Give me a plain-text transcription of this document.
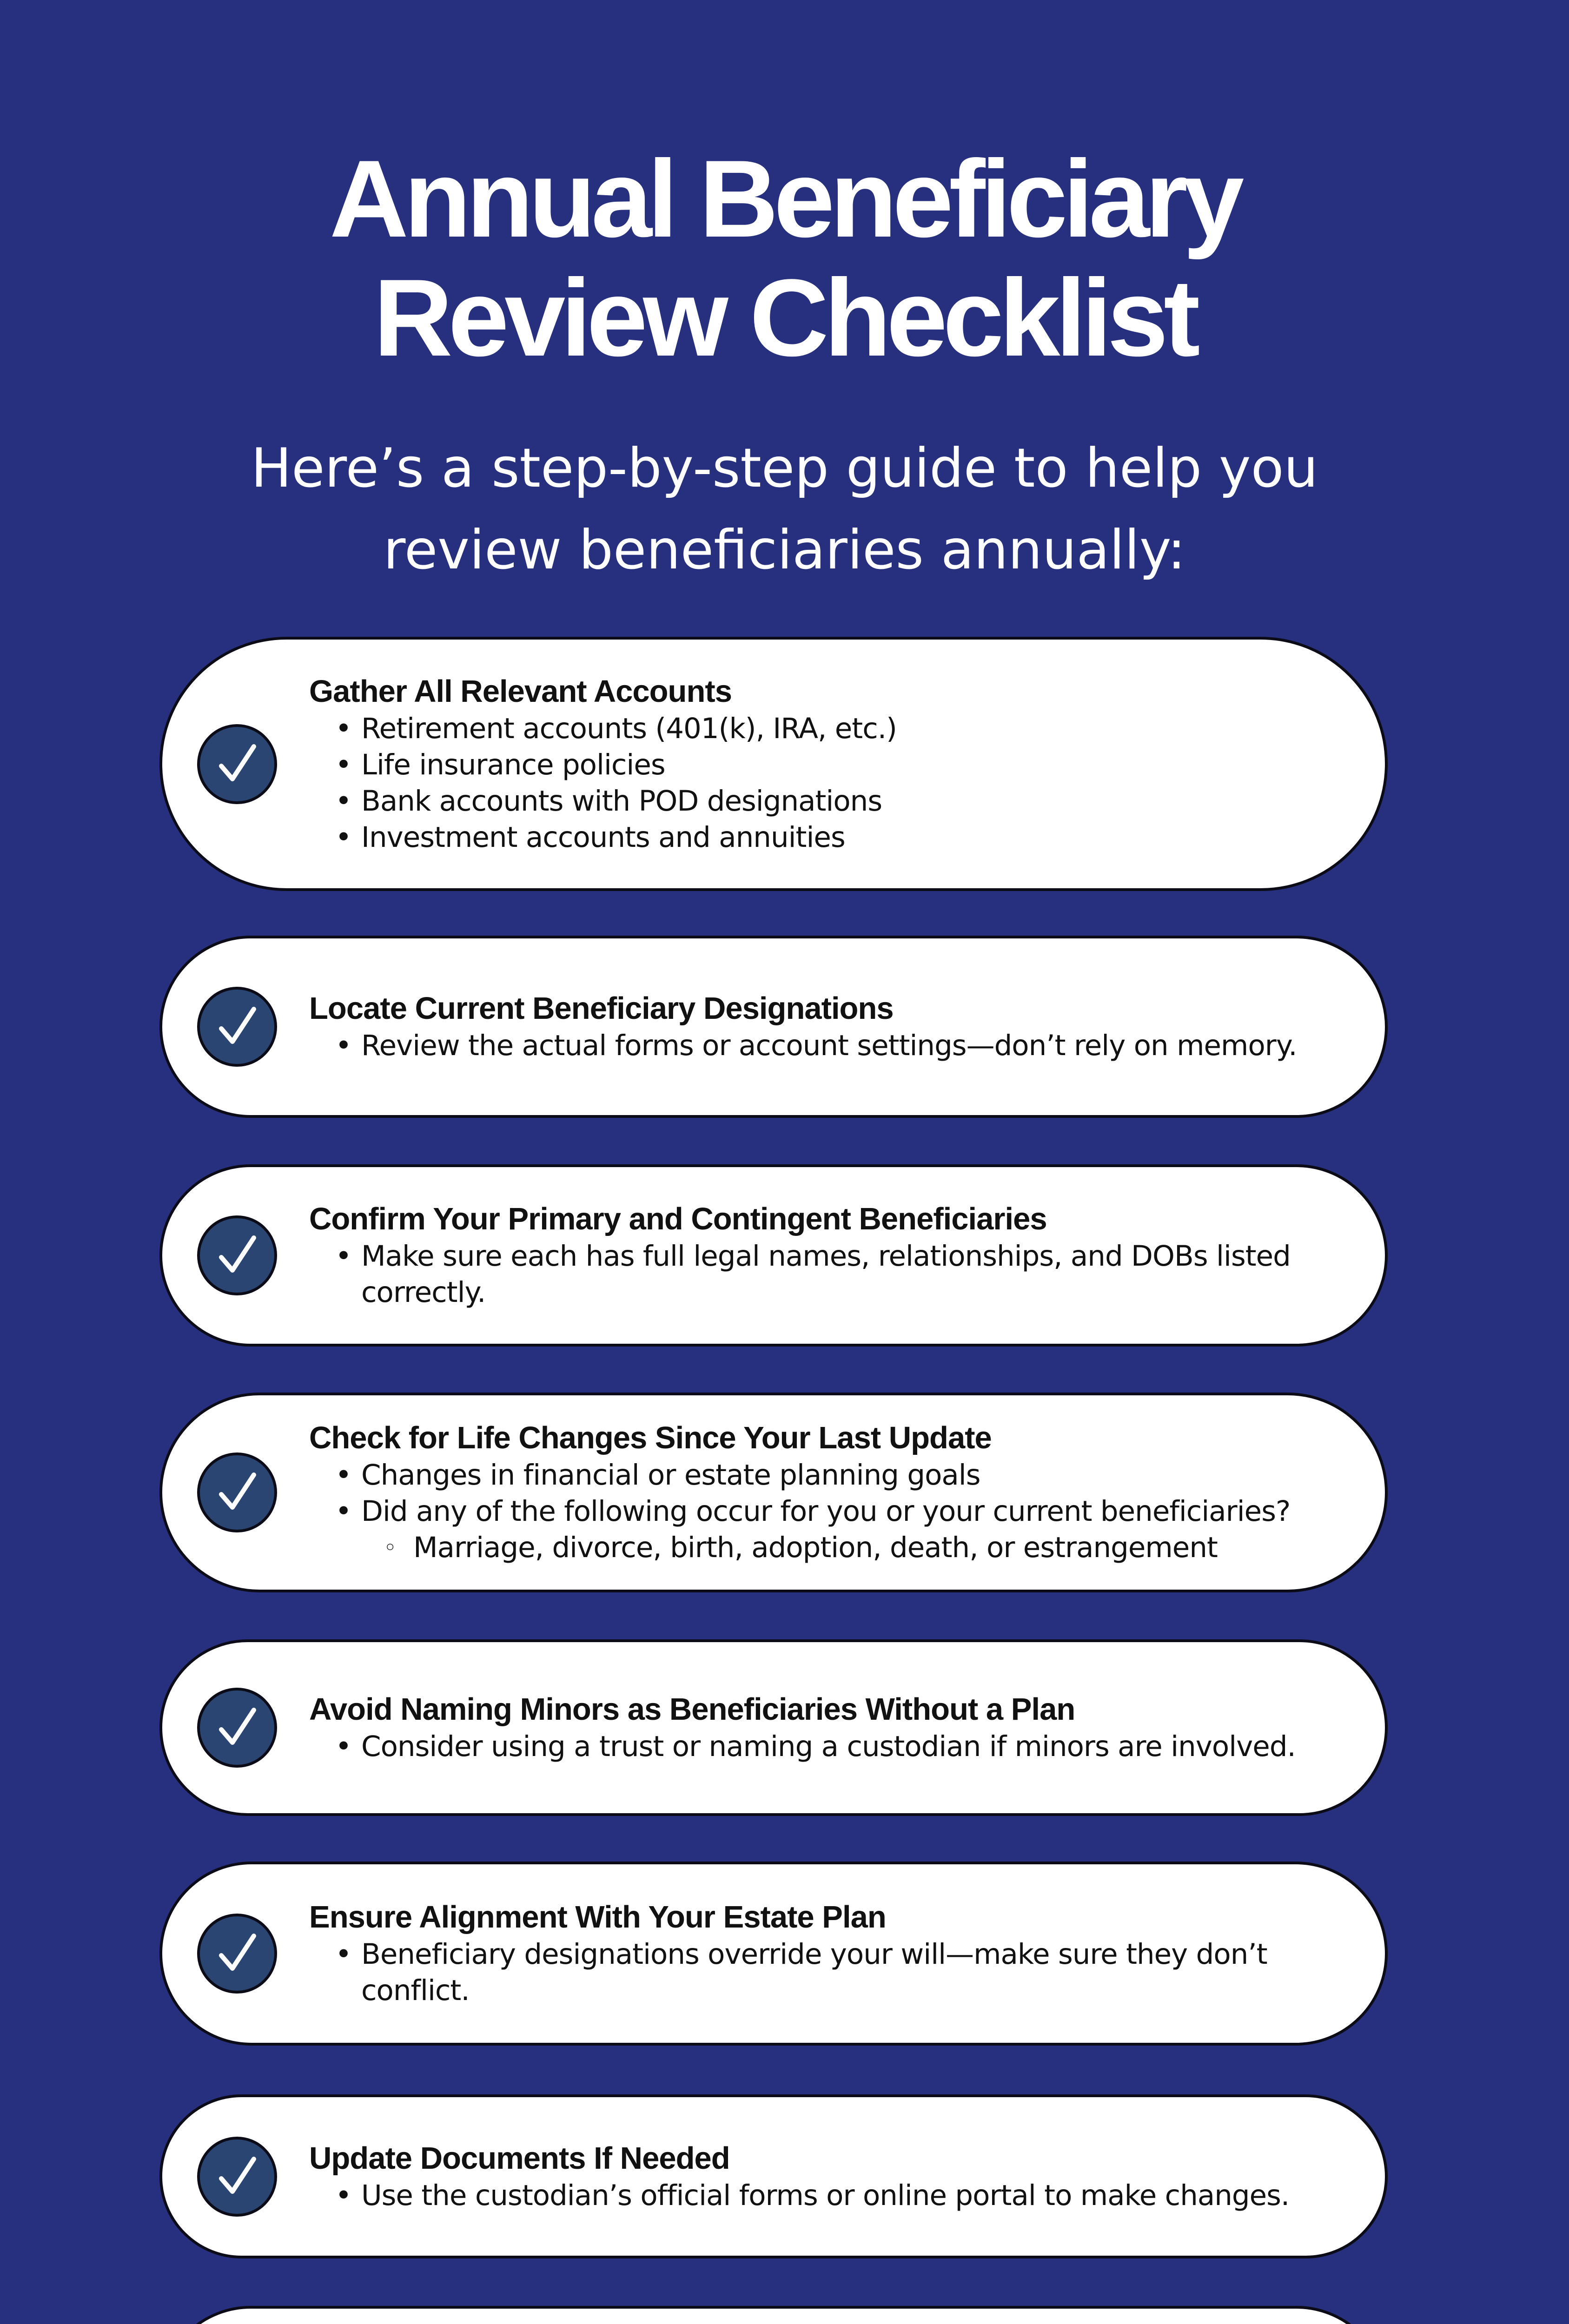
Annual Beneficiary
Review Checklist

Here’s a step-by-step guide to help you
review beneficiaries annually:

Gather All Relevant Accounts
• Retirement accounts (401(k), IRA, etc.)
• Life insurance policies
• Bank accounts with POD designations
• Investment accounts and annuities
Locate Current Beneficiary Designations
• Review the actual forms or account settings—don’t rely on memory.
Confirm Your Primary and Contingent Beneficiaries
• Make sure each has full legal names, relationships, and DOBs listed correctly.
Check for Life Changes Since Your Last Update
• Changes in financial or estate planning goals
• Did any of the following occur for you or your current beneficiaries?
◦ Marriage, divorce, birth, adoption, death, or estrangement
Avoid Naming Minors as Beneficiaries Without a Plan
• Consider using a trust or naming a custodian if minors are involved.
Ensure Alignment With Your Estate Plan
• Beneficiary designations override your will—make sure they don’t conflict.
Update Documents If Needed
• Use the custodian’s official forms or online portal to make changes.
